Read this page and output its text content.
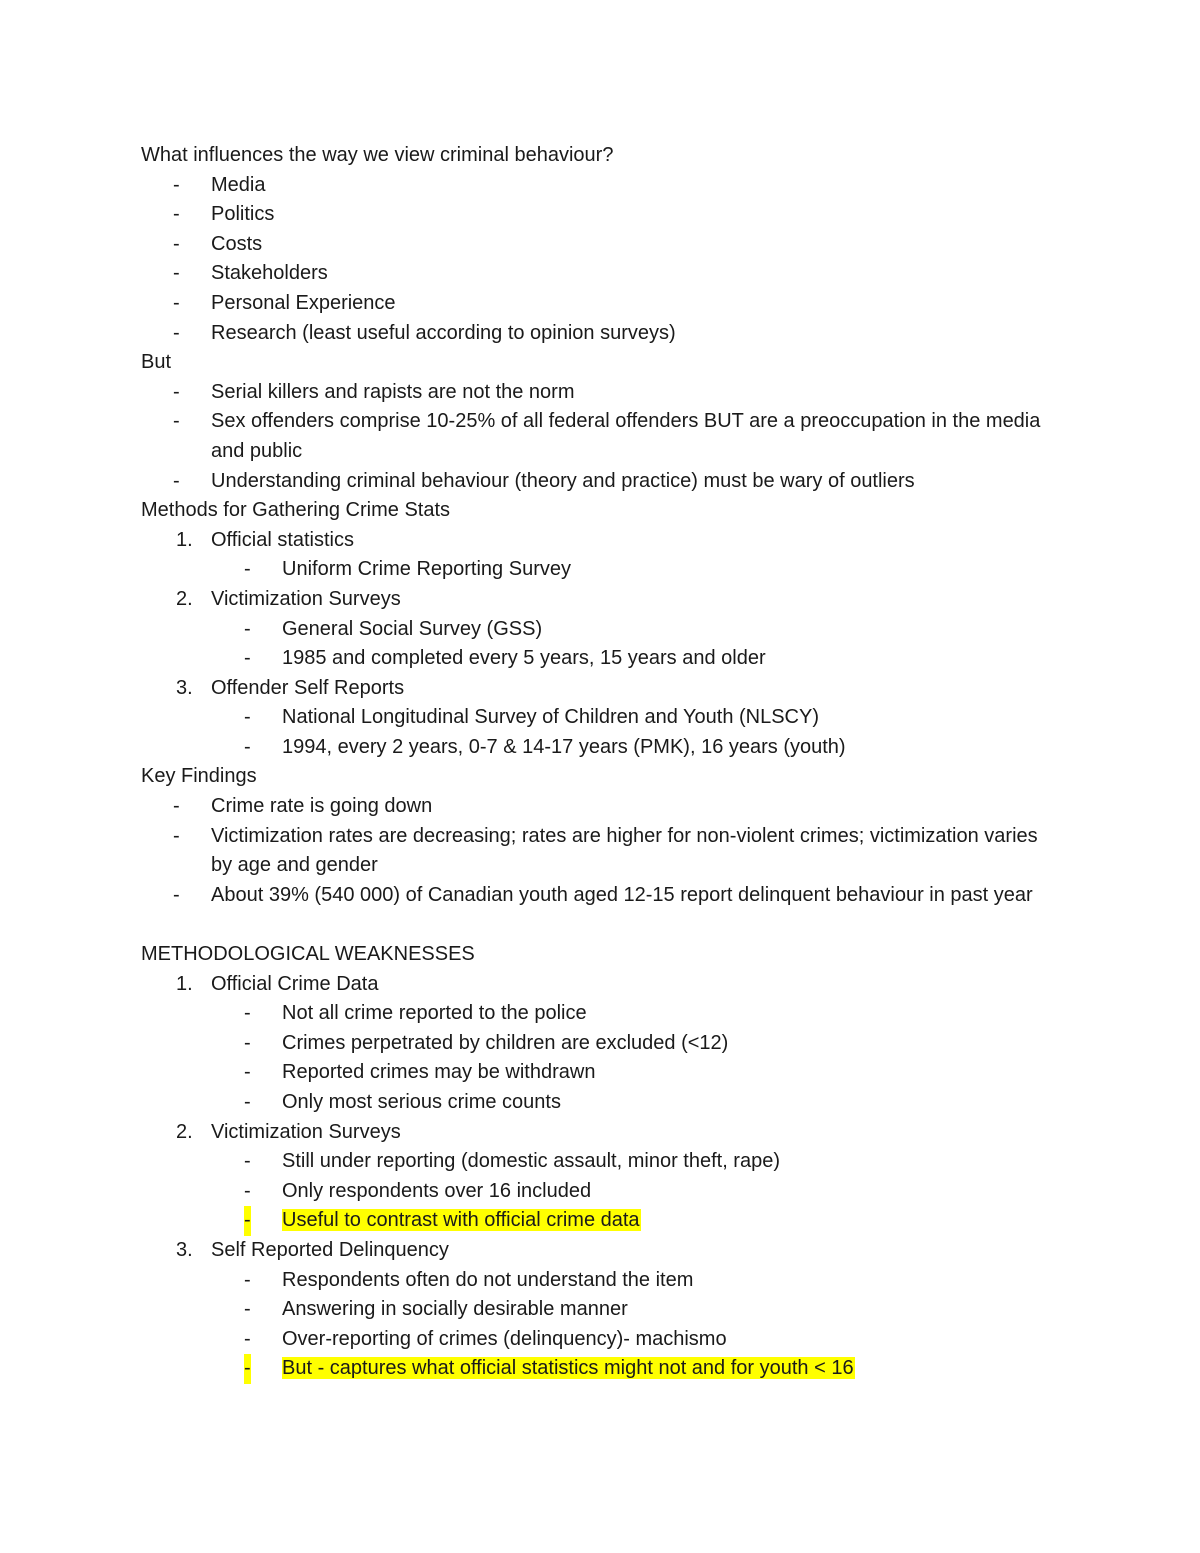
What influences the way we view criminal behaviour?
- Media
- Politics
- Costs
- Stakeholders
- Personal Experience
- Research (least useful according to opinion surveys)
But
- Serial killers and rapists are not the norm
- Sex offenders comprise 10-25% of all federal offenders BUT are a preoccupation in the media and public
- Understanding criminal behaviour (theory and practice) must be wary of outliers
Methods for Gathering Crime Stats
1. Official statistics
- Uniform Crime Reporting Survey
2. Victimization Surveys
- General Social Survey (GSS)
- 1985 and completed every 5 years, 15 years and older
3. Offender Self Reports
- National Longitudinal Survey of Children and Youth (NLSCY)
- 1994, every 2 years, 0-7 & 14-17 years (PMK), 16 years (youth)
Key Findings
- Crime rate is going down
- Victimization rates are decreasing; rates are higher for non-violent crimes; victimization varies by age and gender
- About 39% (540 000) of Canadian youth aged 12-15 report delinquent behaviour in past year
METHODOLOGICAL WEAKNESSES
1. Official Crime Data
- Not all crime reported to the police
- Crimes perpetrated by children are excluded (<12)
- Reported crimes may be withdrawn
- Only most serious crime counts
2. Victimization Surveys
- Still under reporting (domestic assault, minor theft, rape)
- Only respondents over 16 included
- Useful to contrast with official crime data
3. Self Reported Delinquency
- Respondents often do not understand the item
- Answering in socially desirable manner
- Over-reporting of crimes (delinquency)- machismo
- But - captures what official statistics might not and for youth < 16
